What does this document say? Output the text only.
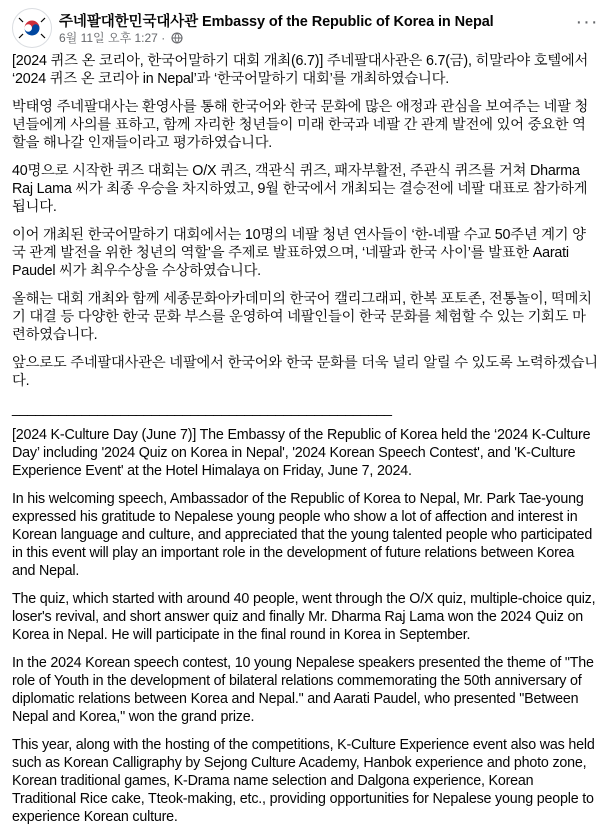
주네팔대한민국대사관 Embassy of the Republic of Korea in Nepal
6월 11일 오후 1:27 ·
···

[2024 퀴즈 온 코리아, 한국어말하기 대회 개최(6.7)] 주네팔대사관은 6.7(금), 히말라야 호텔에서 ‘2024 퀴즈 온 코리아 in Nepal’과 ‘한국어말하기 대회’를 개최하였습니다.

박태영 주네팔대사는 환영사를 통해 한국어와 한국 문화에 많은 애정과 관심을 보여주는 네팔 청년들에게 사의를 표하고, 함께 자리한 청년들이 미래 한국과 네팔 간 관계 발전에 있어 중요한 역할을 해나갈 인재들이라고 평가하였습니다.

40명으로 시작한 퀴즈 대회는 O/X 퀴즈, 객관식 퀴즈, 패자부활전, 주관식 퀴즈를 거쳐 Dharma Raj Lama 씨가 최종 우승을 차지하였고, 9월 한국에서 개최되는 결승전에 네팔 대표로 참가하게 됩니다.

이어 개최된 한국어말하기 대회에서는 10명의 네팔 청년 연사들이 ‘한-네팔 수교 50주년 계기 양국 관계 발전을 위한 청년의 역할’을 주제로 발표하였으며, ‘네팔과 한국 사이’를 발표한 Aarati Paudel 씨가 최우수상을 수상하였습니다.

올해는 대회 개최와 함께 세종문화아카데미의 한국어 캘리그래피, 한복 포토존, 전통놀이, 떡메치기 대결 등 다양한 한국 문화 부스를 운영하여 네팔인들이 한국 문화를 체험할 수 있는 기회도 마련하였습니다.

앞으로도 주네팔대사관은 네팔에서 한국어와 한국 문화를 더욱 널리 알릴 수 있도록 노력하겠습니다.

_________________________________________________

[2024 K-Culture Day (June 7)] The Embassy of the Republic of Korea held the ‘2024 K-Culture Day’ including '2024 Quiz on Korea in Nepal', '2024 Korean Speech Contest', and 'K-Culture Experience Event' at the Hotel Himalaya on Friday, June 7, 2024.

In his welcoming speech, Ambassador of the Republic of Korea to Nepal, Mr. Park Tae-young expressed his gratitude to Nepalese young people who show a lot of affection and interest in Korean language and culture, and appreciated that the young talented people who participated in this event will play an important role in the development of future relations between Korea and Nepal.

The quiz, which started with around 40 people, went through the O/X quiz, multiple-choice quiz, loser's revival, and short answer quiz and finally Mr. Dharma Raj Lama won the 2024 Quiz on Korea in Nepal. He will participate in the final round in Korea in September.

In the 2024 Korean speech contest, 10 young Nepalese speakers presented the theme of "The role of Youth in the development of bilateral relations commemorating the 50th anniversary of diplomatic relations between Korea and Nepal." and Aarati Paudel, who presented "Between Nepal and Korea," won the grand prize.

This year, along with the hosting of the competitions, K-Culture Experience event also was held such as Korean Calligraphy by Sejong Culture Academy, Hanbok experience and photo zone, Korean traditional games, K-Drama name selection and Dalgona experience, Korean Traditional Rice cake, Tteok-making, etc., providing opportunities for Nepalese young people to experience Korean culture.
